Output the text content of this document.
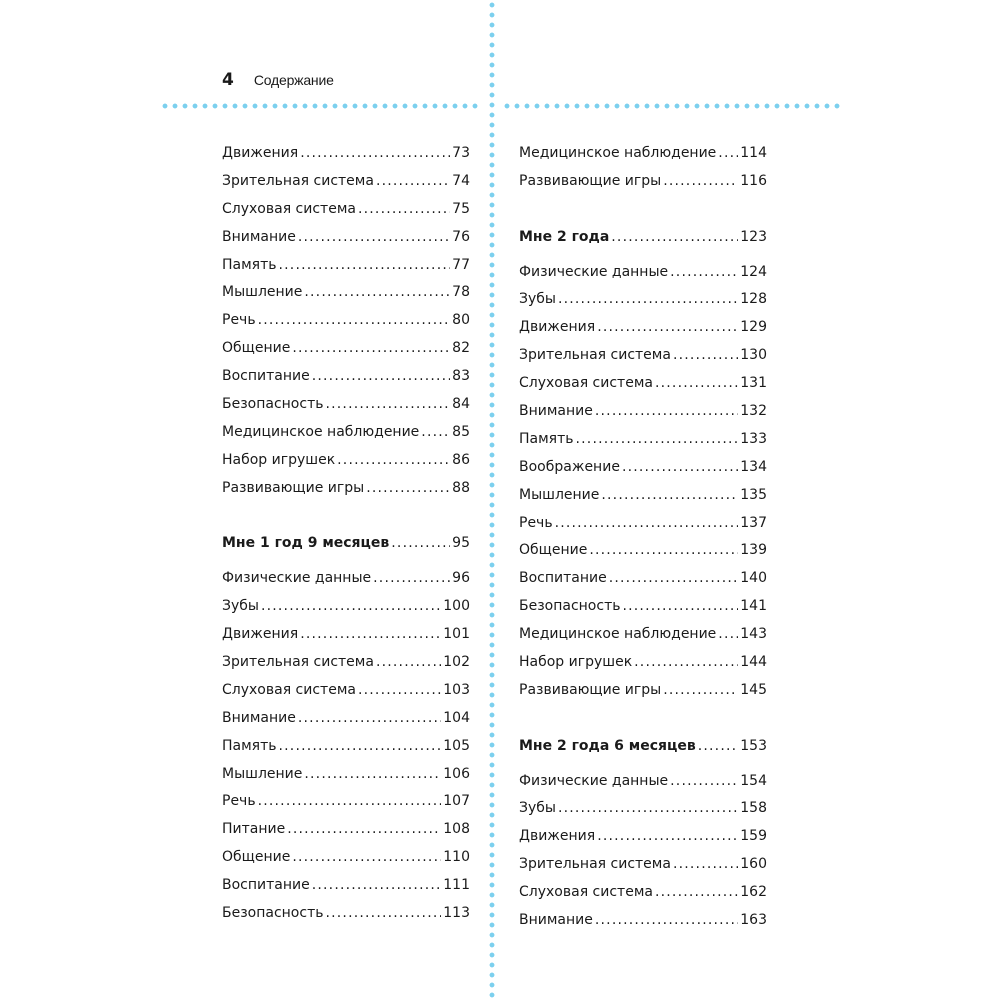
4 Содержание
Движения .....	73
Зрительная система .....	74
Слуховая система .....	75
Внимание .....	76
Память .....	77
Мышление .....	78
Речь .....	80
Общение .....	82
Воспитание .....	83
Безопасность .....	84
Медицинское наблюдение ..... 85
Набор игрушек .....	86
Развивающие игры .....	88
Мне 1 год 9 месяцев .....	95
Физические данные .....	96
Зубы .....	100
Движения .....	101
Зрительная система .....	102
Слуховая система .....	103
Внимание .....	104
Память .....	105
Мышление .....	106
Речь .....	107
Питание .....	108
Общение .....	110
Воспитание .....	111
Безопасность .....	113
Медицинское наблюдение ..... 114
Развивающие игры .....	116
Мне 2 года .....	123
Физические данные .....	124
Зубы .....	128
Движения .....	129
Зрительная система .....	130
Слуховая система .....	131
Внимание .....	132
Память .....	133
Воображение .....	134
Мышление .....	135
Речь .....	137
Общение .....	139
Воспитание .....	140
Безопасность .....	141
Медицинское наблюдение ..... 143
Набор игрушек .....	144
Развивающие игры .....	145
Мне 2 года 6 месяцев .....	153
Физические данные .....	154
Зубы .....	158
Движения .....	159
Зрительная система .....	160
Слуховая система .....	162
Внимание .....	163
